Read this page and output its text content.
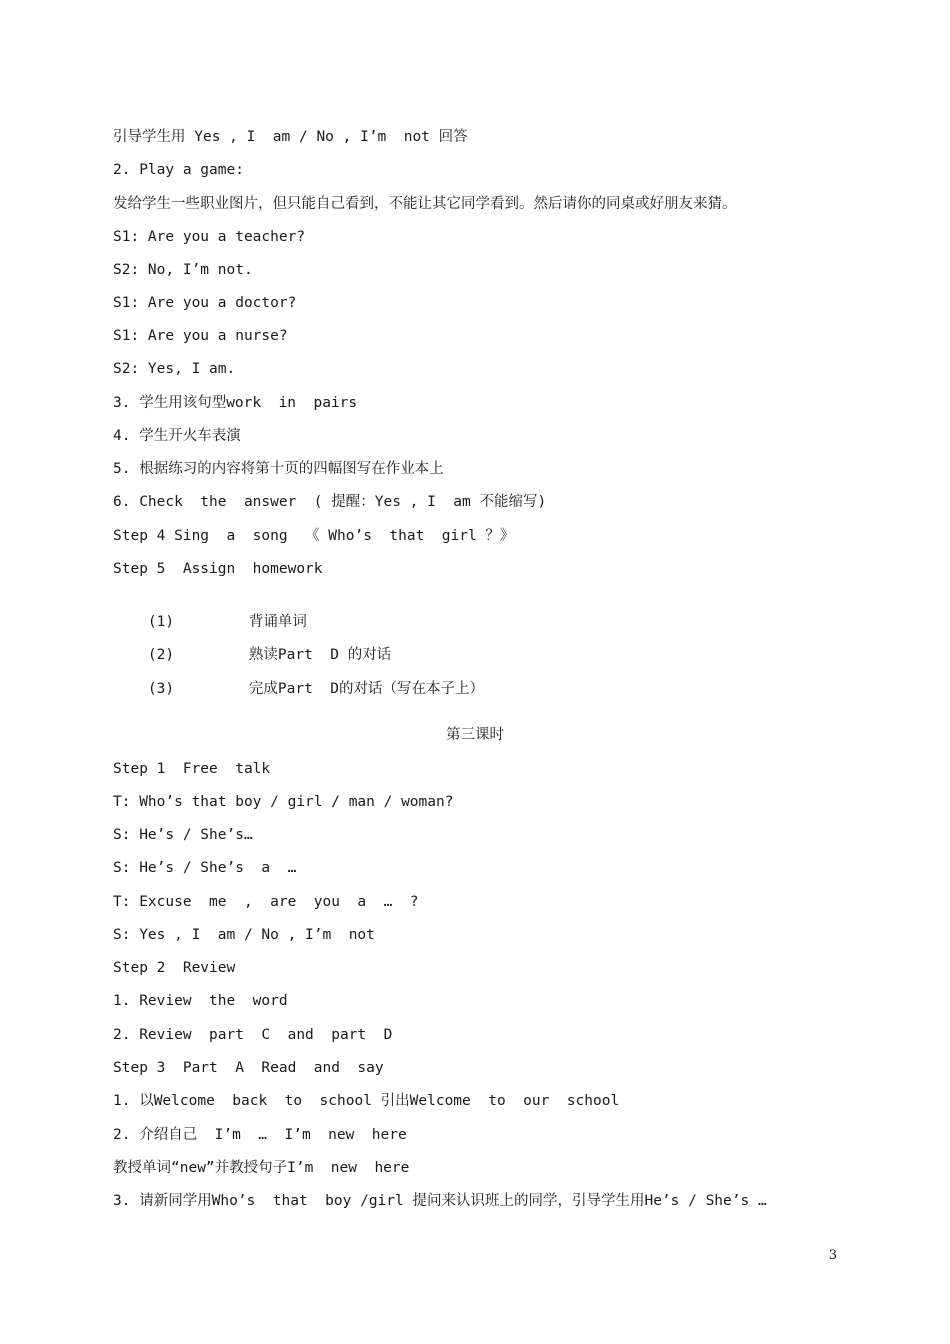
引导学生用 Yes , I  am / No , I’m  not 回答
2. Play a game:
发给学生一些职业图片，但只能自己看到，不能让其它同学看到。然后请你的同桌或好朋友来猜。
S1: Are you a teacher?
S2: No, I’m not.
S1: Are you a doctor?
S1: Are you a nurse?
S2: Yes, I am.
3. 学生用该句型work  in  pairs
4. 学生开火车表演
5. 根据练习的内容将第十页的四幅图写在作业本上
6. Check  the  answer  ( 提醒：Yes , I  am 不能缩写)
Step 4 Sing  a  song  《 Who’s  that  girl ？》
Step 5  Assign  homework

(1)	背诵单词

(2)	熟读Part  D 的对话

(3)	完成Part  D的对话（写在本子上）

第三课时
Step 1  Free  talk
T: Who’s that boy / girl / man / woman?
S: He’s / She’s…
S: He’s / She’s  a  …
T: Excuse  me  ,  are  you  a  …  ?
S: Yes , I  am / No , I’m  not
Step 2  Review
1. Review  the  word
2. Review  part  C  and  part  D
Step 3  Part  A  Read  and  say
1. 以Welcome  back  to  school 引出Welcome  to  our  school
2. 介绍自己  I’m  …  I’m  new  here
教授单词“new”并教授句子I’m  new  here
3. 请新同学用Who’s  that  boy /girl 提问来认识班上的同学，引导学生用He’s / She’s …
3
